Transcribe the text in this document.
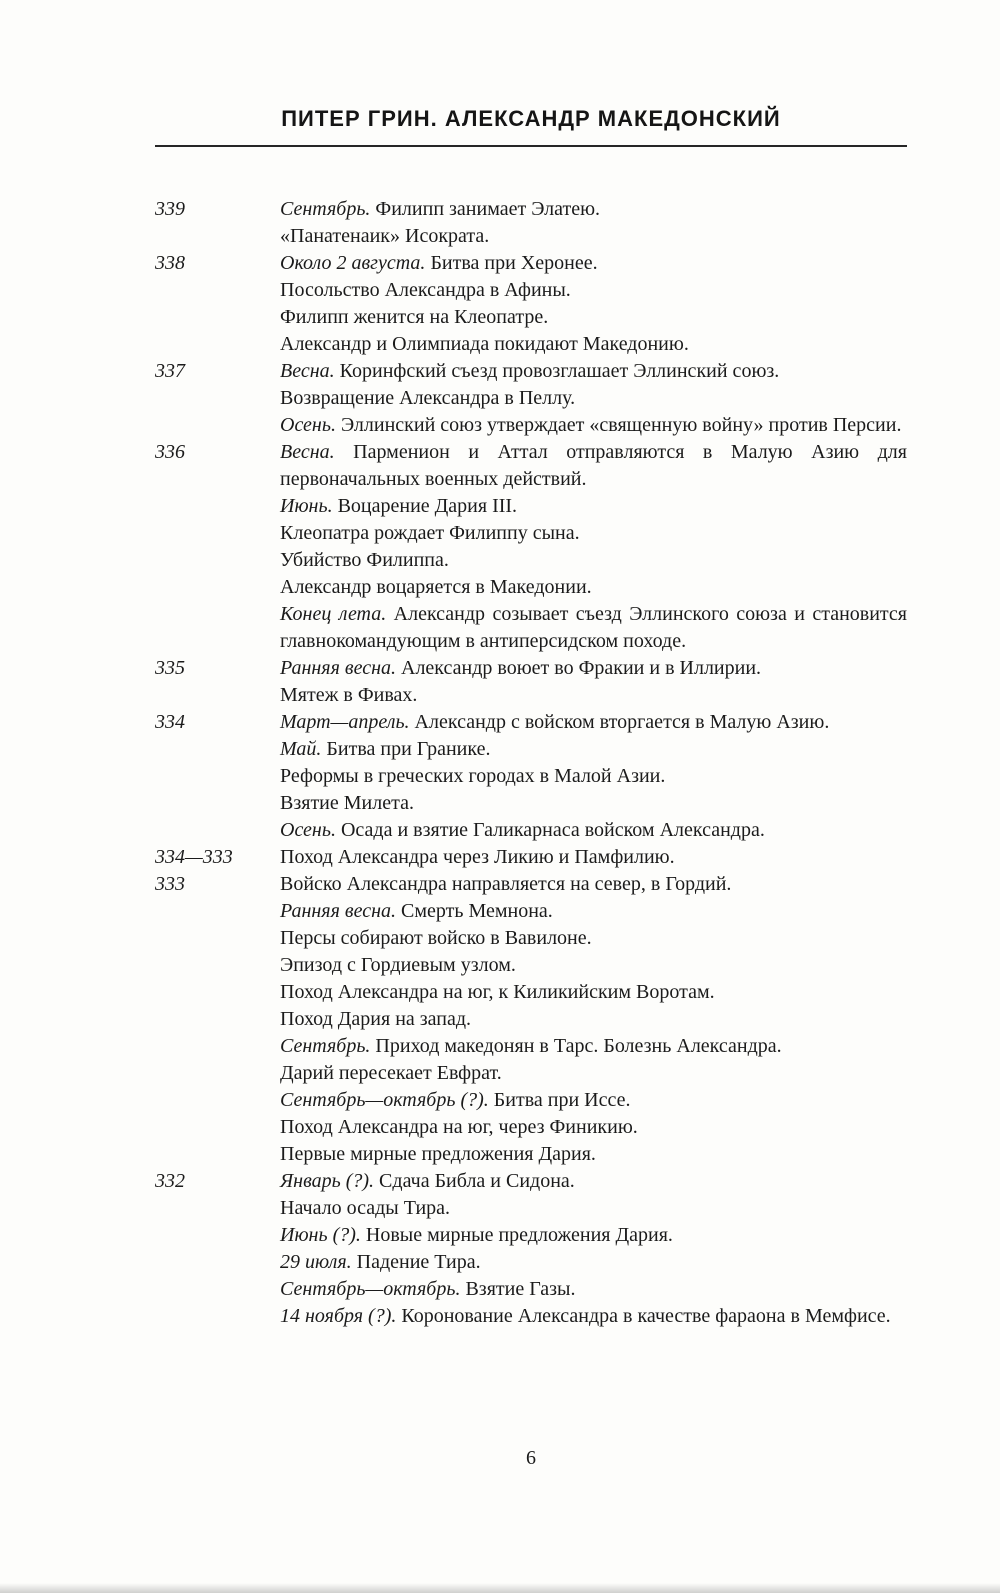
ПИТЕР ГРИН. АЛЕКСАНДР МАКЕДОНСКИЙ
339	Сентябрь. Филипп занимает Элатею.
«Панатенаик» Исократа.
338	Около 2 августа. Битва при Херонее.
Посольство Александра в Афины.
Филипп женится на Клеопатре.
Александр и Олимпиада покидают Македонию.
337	Весна. Коринфский съезд провозглашает Эллинский союз.
Возвращение Александра в Пеллу.
Осень. Эллинский союз утверждает «священную войну» против Персии.
336	Весна. Парменион и Аттал отправляются в Малую Азию для первоначальных военных действий.
Июнь. Воцарение Дария III.
Клеопатра рождает Филиппу сына.
Убийство Филиппа.
Александр воцаряется в Македонии.
Конец лета. Александр созывает съезд Эллинского союза и становится главнокомандующим в антиперсидском походе.
335	Ранняя весна. Александр воюет во Фракии и в Иллирии.
Мятеж в Фивах.
334	Март—апрель. Александр с войском вторгается в Малую Азию.
Май. Битва при Гранике.
Реформы в греческих городах в Малой Азии.
Взятие Милета.
Осень. Осада и взятие Галикарнаса войском Александра.
334—333	Поход Александра через Ликию и Памфилию.
333	Войско Александра направляется на север, в Гордий.
Ранняя весна. Смерть Мемнона.
Персы собирают войско в Вавилоне.
Эпизод с Гордиевым узлом.
Поход Александра на юг, к Киликийским Воротам.
Поход Дария на запад.
Сентябрь. Приход македонян в Тарс. Болезнь Александра.
Дарий пересекает Евфрат.
Сентябрь—октябрь (?). Битва при Иссе.
Поход Александра на юг, через Финикию.
Первые мирные предложения Дария.
332	Январь (?). Сдача Библа и Сидона.
Начало осады Тира.
Июнь (?). Новые мирные предложения Дария.
29 июля. Падение Тира.
Сентябрь—октябрь. Взятие Газы.
14 ноября (?). Коронование Александра в качестве фараона в Мемфисе.
6
